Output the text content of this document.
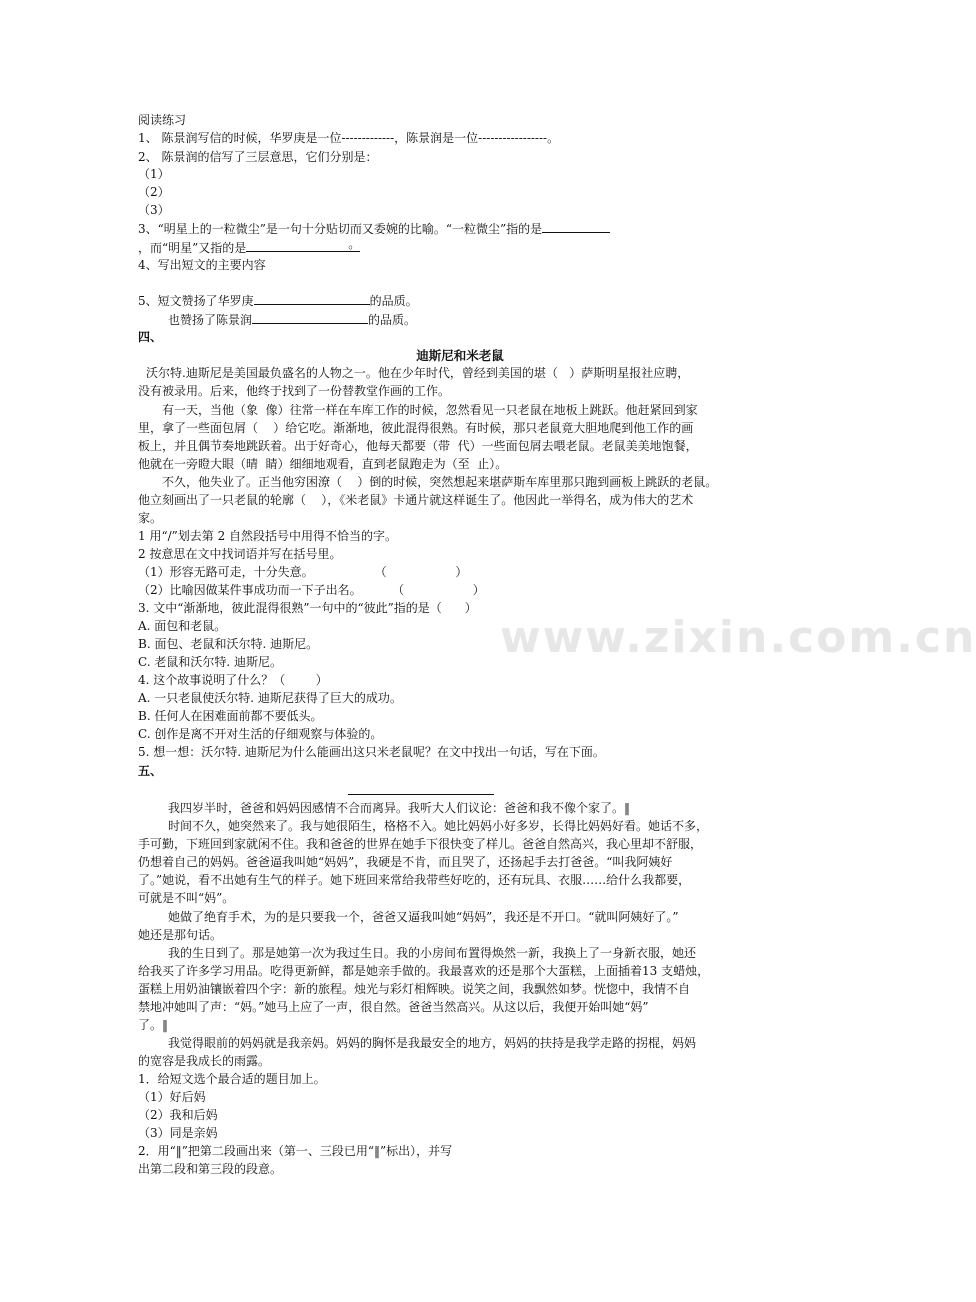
www.zixin.com.cn
阅读练习
1、 陈景润写信的时候，华罗庚是一位-------------，陈景润是一位-----------------。
2、 陈景润的信写了三层意思，它们分别是：
（1）
（2）
（3）
3、“明星上的一粒微尘”是一句十分贴切而又委婉的比喻。“一粒微尘”指的是
，而“明星”又指的是	。
4、写出短文的主要内容
5、短文赞扬了华罗庚	的品质。
也赞扬了陈景润	的品质。
四、
迪斯尼和米老鼠
沃尔特.迪斯尼是美国最负盛名的人物之一。他在少年时代，曾经到美国的堪（   ）萨斯明星报社应聘，
没有被录用。后来，他终于找到了一份替教堂作画的工作。
有一天，当他（象  像）往常一样在车库工作的时候，忽然看见一只老鼠在地板上跳跃。他赶紧回到家
里，拿了一些面包屑（    ）给它吃。渐渐地，彼此混得很熟。有时候，那只老鼠竟大胆地爬到他工作的画
板上，并且偶节奏地跳跃着。出于好奇心，他每天都要（带  代）一些面包屑去喂老鼠。老鼠美美地饱餐，
他就在一旁瞪大眼（晴  睛）细细地观看，直到老鼠跑走为（至  止）。
不久，他失业了。正当他穷困潦（    ）倒的时候，突然想起来堪萨斯车库里那只跑到画板上跳跃的老鼠。
他立刻画出了一只老鼠的轮廓（    ），《米老鼠》卡通片就这样诞生了。他因此一举得名，成为伟大的艺术
家。
1 用“/”划去第 2 自然段括号中用得不恰当的字。
2 按意思在文中找词语并写在括号里。
（1）形容无路可走，十分失意。                （                  ）
（2）比喻因做某件事成功而一下子出名。        （                  ）
3. 文中“渐渐地，彼此混得很熟”一句中的“彼此”指的是（      ）
A. 面包和老鼠。
B. 面包、老鼠和沃尔特. 迪斯尼。
C. 老鼠和沃尔特. 迪斯尼。
4. 这个故事说明了什么？（        ）
A. 一只老鼠使沃尔特. 迪斯尼获得了巨大的成功。
B. 任何人在困难面前都不要低头。
C. 创作是离不开对生活的仔细观察与体验的。
5. 想一想：沃尔特. 迪斯尼为什么能画出这只米老鼠呢？在文中找出一句话，写在下面。
五、
我四岁半时，爸爸和妈妈因感情不合而离异。我听大人们议论：爸爸和我不像个家了。‖
时间不久，她突然来了。我与她很陌生，格格不入。她比妈妈小好多岁，长得比妈妈好看。她话不多，
手可勤，下班回到家就闲不住。我和爸爸的世界在她手下很快变了样儿。爸爸自然高兴，我心里却不舒服，
仍想着自己的妈妈。爸爸逼我叫她“妈妈”，我硬是不肯，而且哭了，还扬起手去打爸爸。“叫我阿姨好
了。”她说，看不出她有生气的样子。她下班回来常给我带些好吃的，还有玩具、衣服……给什么我都要，
可就是不叫“妈”。
她做了绝育手术，为的是只要我一个，爸爸又逼我叫她“妈妈”，我还是不开口。“就叫阿姨好了。”
她还是那句话。
我的生日到了。那是她第一次为我过生日。我的小房间布置得焕然一新，我换上了一身新衣服，她还
给我买了许多学习用品。吃得更新鲜，都是她亲手做的。我最喜欢的还是那个大蛋糕，上面插着13 支蜡烛，
蛋糕上用奶油镶嵌着四个字：新的旅程。烛光与彩灯相辉映。说笑之间，我飘然如梦。恍惚中，我情不自
禁地冲她叫了声：“妈。”她马上应了一声，很自然。爸爸当然高兴。从这以后，我便开始叫她“妈”
了。‖
我觉得眼前的妈妈就是我亲妈。妈妈的胸怀是我最安全的地方，妈妈的扶持是我学走路的拐棍，妈妈
的宽容是我成长的雨露。
1．给短文选个最合适的题目加上。
（1）好后妈
（2）我和后妈
（3）同是亲妈
2．用“‖”把第二段画出来（第一、三段已用“‖”标出），并写
出第二段和第三段的段意。
